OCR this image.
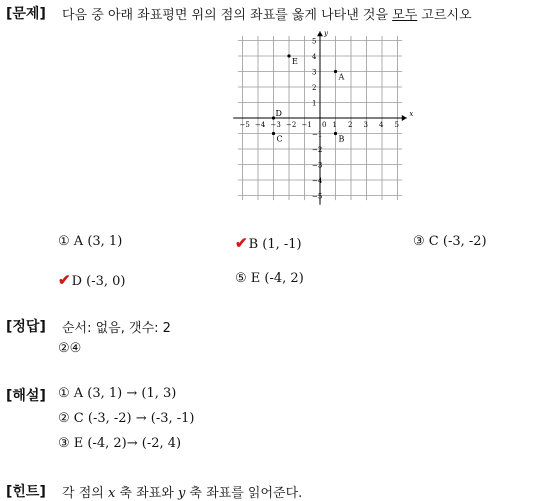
[문제] 다음 중 아래 좌표평면 위의 점의 좌표를 옳게 나타낸 것을 모두 고르시오
x
y
−5 −4 −3 −2 −1 0 1 2 3 4 5
5
4
3
2
1
−1
−2
−3
−4
−5
A
B
C
D
E
① A (3, 1)	✔B (1, -1)	③ C (-3, -2)
✔D (-3, 0)	⑤ E (-4, 2)
[정답] 순서: 없음, 갯수: 2
②④
[해설] ① A (3, 1) → (1, 3)
② C (-3, -2) → (-3, -1)
③ E (-4, 2)→ (-2, 4)
[힌트] 각 점의 x 축 좌표와 y 축 좌표를 읽어준다.
